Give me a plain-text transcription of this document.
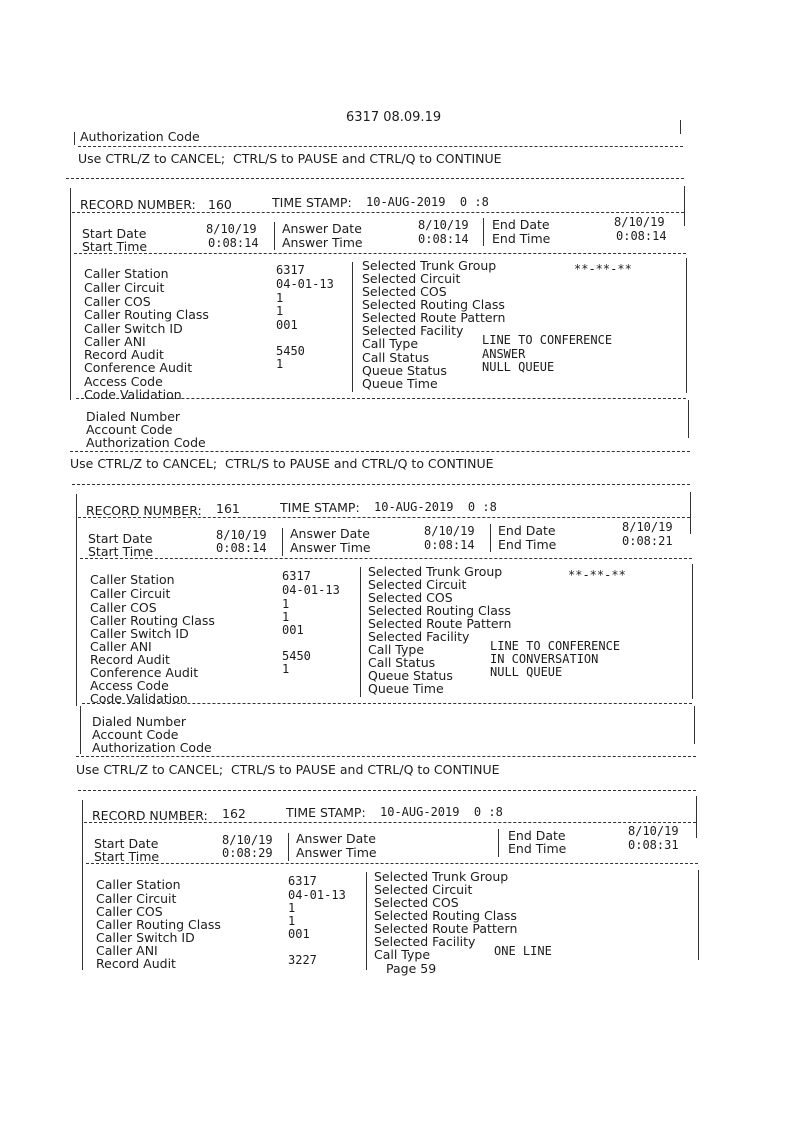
6317 08.09.19
Authorization Code
Use CTRL/Z to CANCEL;  CTRL/S to PAUSE and CTRL/Q to CONTINUE
RECORD NUMBER: 160	TIME STAMP: 10-AUG-2019  0 :8
Start Date	8/10/19
Start Time	0:08:14
Answer Date	8/10/19
Answer Time	0:08:14
End Date	8/10/19
End Time	0:08:14
Caller Station	6317
Caller Circuit	04-01-13
Caller COS	1
Caller Routing Class	1
Caller Switch ID	001
Caller ANI
Record Audit	5450
Conference Audit	1
Access Code
Code Validation
Selected Trunk Group	**-**-**
Selected Circuit
Selected COS
Selected Routing Class
Selected Route Pattern
Selected Facility
Call Type	LINE TO CONFERENCE
Call Status	ANSWER
Queue Status	NULL QUEUE
Queue Time
Dialed Number
Account Code
Authorization Code
Use CTRL/Z to CANCEL;  CTRL/S to PAUSE and CTRL/Q to CONTINUE
RECORD NUMBER: 161	TIME STAMP: 10-AUG-2019  0 :8
Start Date	8/10/19
Start Time	0:08:14
Answer Date	8/10/19
Answer Time	0:08:14
End Date	8/10/19
End Time	0:08:21
Caller Station	6317
Caller Circuit	04-01-13
Caller COS	1
Caller Routing Class	1
Caller Switch ID	001
Caller ANI
Record Audit	5450
Conference Audit	1
Access Code
Code Validation
Selected Trunk Group	**-**-**
Selected Circuit
Selected COS
Selected Routing Class
Selected Route Pattern
Selected Facility
Call Type	LINE TO CONFERENCE
Call Status	IN CONVERSATION
Queue Status	NULL QUEUE
Queue Time
Dialed Number
Account Code
Authorization Code
Use CTRL/Z to CANCEL;  CTRL/S to PAUSE and CTRL/Q to CONTINUE
RECORD NUMBER: 162	TIME STAMP: 10-AUG-2019  0 :8
Start Date	8/10/19
Start Time	0:08:29
Answer Date
Answer Time
End Date	8/10/19
End Time	0:08:31
Caller Station	6317
Caller Circuit	04-01-13
Caller COS	1
Caller Routing Class	1
Caller Switch ID	001
Caller ANI
Record Audit	3227
Selected Trunk Group
Selected Circuit
Selected COS
Selected Routing Class
Selected Route Pattern
Selected Facility
Call Type	ONE LINE
Page 59
